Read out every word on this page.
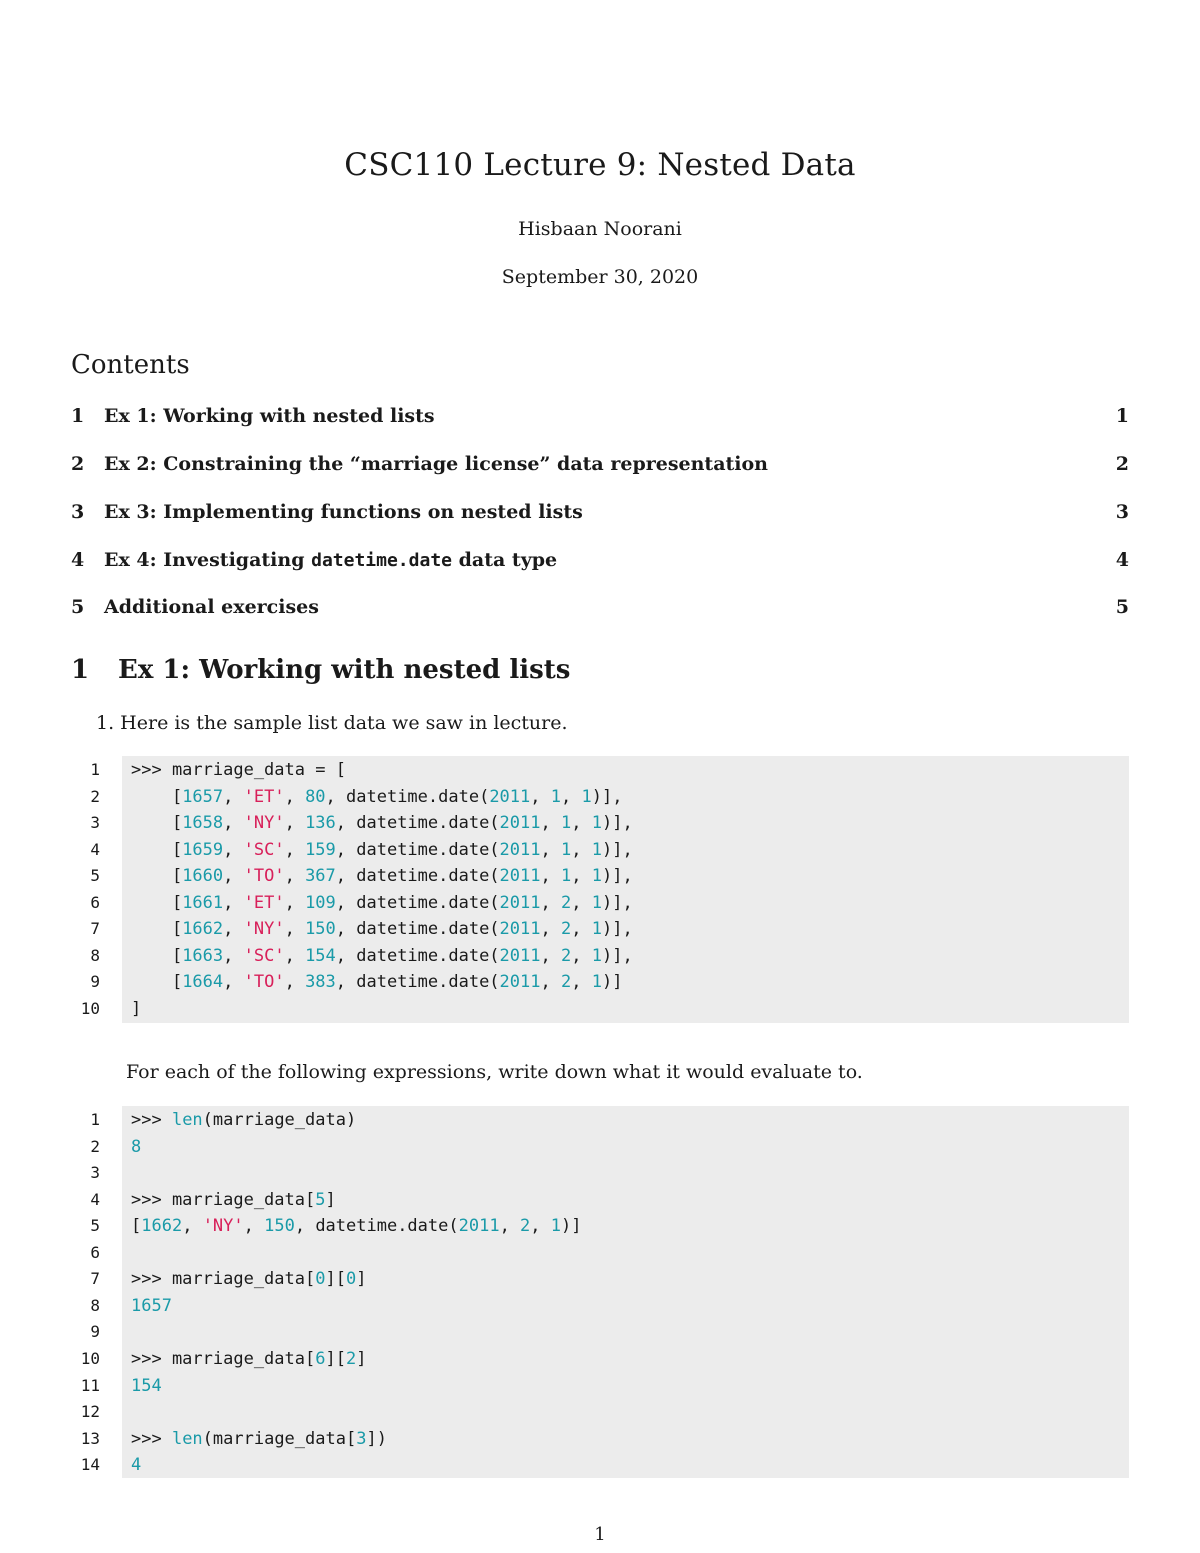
CSC110 Lecture 9: Nested Data
Hisbaan Noorani
September 30, 2020
Contents
1 Ex 1: Working with nested lists	1
2 Ex 2: Constraining the “marriage license” data representation	2
3 Ex 3: Implementing functions on nested lists	3
4 Ex 4: Investigating datetime.date data type	4
5 Additional exercises	5
1 Ex 1: Working with nested lists
1. Here is the sample list data we saw in lecture.
1
2
3
4
5
6
7
8
9
10
>>> marriage_data = [
[1657, 'ET', 80, datetime.date(2011, 1, 1)],
[1658, 'NY', 136, datetime.date(2011, 1, 1)],
[1659, 'SC', 159, datetime.date(2011, 1, 1)],
[1660, 'TO', 367, datetime.date(2011, 1, 1)],
[1661, 'ET', 109, datetime.date(2011, 2, 1)],
[1662, 'NY', 150, datetime.date(2011, 2, 1)],
[1663, 'SC', 154, datetime.date(2011, 2, 1)],
[1664, 'TO', 383, datetime.date(2011, 2, 1)]
]
For each of the following expressions, write down what it would evaluate to.
1
2
3
4
5
6
7
8
9
10
11
12
13
14
>>> len(marriage_data)
8
>>> marriage_data[5]
[1662, 'NY', 150, datetime.date(2011, 2, 1)]
>>> marriage_data[0][0]
1657
>>> marriage_data[6][2]
154
>>> len(marriage_data[3])
4
1
